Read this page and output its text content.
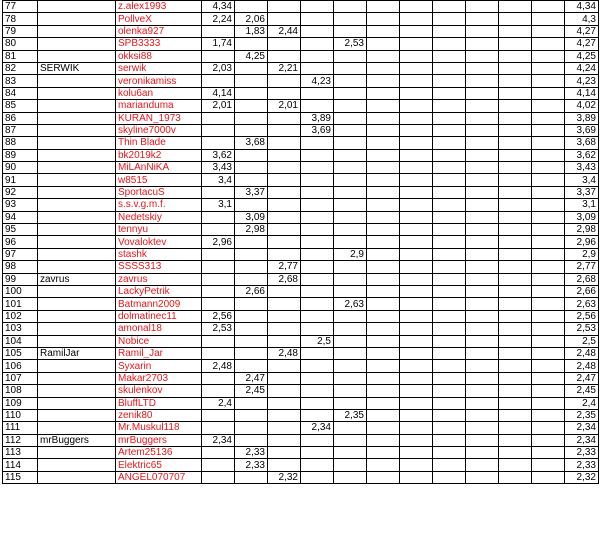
77		z.alex1993	4,34											4,34
78		PollveX	2,24	2,06										4,3
79		olenka927		1,83	2,44									4,27
80		SPB3333	1,74				2,53							4,27
81		okksi88		4,25										4,25
82	SERWIK	serwik	2,03		2,21									4,24
83		veronikamiss				4,23								4,23
84		kolu6an	4,14											4,14
85		marianduma	2,01		2,01									4,02
86		KURAN_1973				3,89								3,89
87		skyline7000v				3,69								3,69
88		Thin Blade		3,68										3,68
89		bk2019k2	3,62											3,62
90		MiLAnNiKA	3,43											3,43
91		w8515	3,4											3,4
92		SportacuS		3,37										3,37
93		s.s.v.g.m.f.	3,1											3,1
94		Nedetskiy		3,09										3,09
95		tennyu		2,98										2,98
96		Vovaloktev	2,96											2,96
97		stashk					2,9							2,9
98		SSSS313			2,77									2,77
99	zavrus	zavrus			2,68									2,68
100		LackyPetrik		2,66										2,66
101		Batmann2009					2,63							2,63
102		dolmatinec11	2,56											2,56
103		amonal18	2,53											2,53
104		Nobice				2,5								2,5
105	RamilJar	Ramil_Jar			2,48									2,48
106		Syxarin	2,48											2,48
107		Makar2703		2,47										2,47
108		skulenkov		2,45										2,45
109		BluffLTD	2,4											2,4
110		zenik80					2,35							2,35
111		Mr.Muskul118				2,34								2,34
112	mrBuggers	mrBuggers	2,34											2,34
113		Artem25136		2,33										2,33
114		Elektric65		2,33										2,33
115		ANGEL070707			2,32									2,32
